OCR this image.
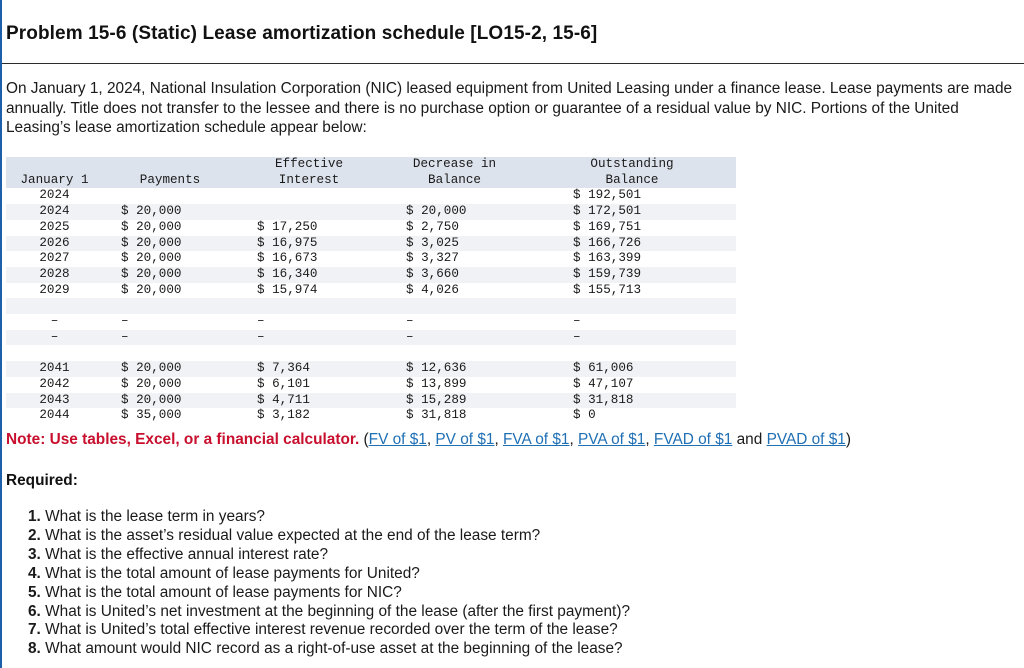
Problem 15-6 (Static) Lease amortization schedule [LO15-2, 15-6]
On January 1, 2024, National Insulation Corporation (NIC) leased equipment from United Leasing under a finance lease. Lease payments are made annually. Title does not transfer to the lessee and there is no purchase option or guarantee of a residual value by NIC. Portions of the United Leasing’s lease amortization schedule appear below:
		Effective	Decrease in	Outstanding
January 1	Payments	Interest	Balance	Balance
2024				$ 192,501
2024	$ 20,000		$ 20,000	$ 172,501
2025	$ 20,000	$ 17,250	$ 2,750	$ 169,751
2026	$ 20,000	$ 16,975	$ 3,025	$ 166,726
2027	$ 20,000	$ 16,673	$ 3,327	$ 163,399
2028	$ 20,000	$ 16,340	$ 3,660	$ 159,739
2029	$ 20,000	$ 15,974	$ 4,026	$ 155,713

–	–	–	–	–
–	–	–	–	–

2041	$ 20,000	$ 7,364	$ 12,636	$ 61,006
2042	$ 20,000	$ 6,101	$ 13,899	$ 47,107
2043	$ 20,000	$ 4,711	$ 15,289	$ 31,818
2044	$ 35,000	$ 3,182	$ 31,818	$ 0
Note: Use tables, Excel, or a financial calculator. (FV of $1, PV of $1, FVA of $1, PVA of $1, FVAD of $1 and PVAD of $1)
Required:
1. What is the lease term in years?
2. What is the asset’s residual value expected at the end of the lease term?
3. What is the effective annual interest rate?
4. What is the total amount of lease payments for United?
5. What is the total amount of lease payments for NIC?
6. What is United’s net investment at the beginning of the lease (after the first payment)?
7. What is United’s total effective interest revenue recorded over the term of the lease?
8. What amount would NIC record as a right-of-use asset at the beginning of the lease?
